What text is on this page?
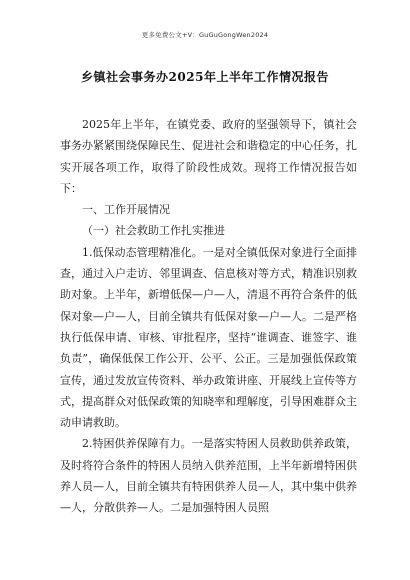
更多免费公文+V：GuGuGongWen2024
乡镇社会事务办2025年上半年工作情况报告

2025年上半年，在镇党委、政府的坚强领导下，镇社会事务办紧紧围绕保障民生、促进社会和谐稳定的中心任务，扎实开展各项工作，取得了阶段性成效。现将工作情况报告如下：

一、工作开展情况

（一）社会救助工作扎实推进

1.低保动态管理精准化。一是对全镇低保对象进行全面排查，通过入户走访、邻里调查、信息核对等方式，精准识别救助对象。上半年，新增低保—户—人，清退不再符合条件的低保对象—户—人，目前全镇共有低保对象—户—人。二是严格执行低保申请、审核、审批程序，坚持“谁调查、谁签字、谁负责”，确保低保工作公开、公平、公正。三是加强低保政策宣传，通过发放宣传资料、举办政策讲座、开展线上宣传等方式，提高群众对低保政策的知晓率和理解度，引导困难群众主动申请救助。

2.特困供养保障有力。一是落实特困人员救助供养政策，及时将符合条件的特困人员纳入供养范围，上半年新增特困供养人员—人，目前全镇共有特困供养人员—人，其中集中供养—人，分散供养—人。二是加强特困人员照
